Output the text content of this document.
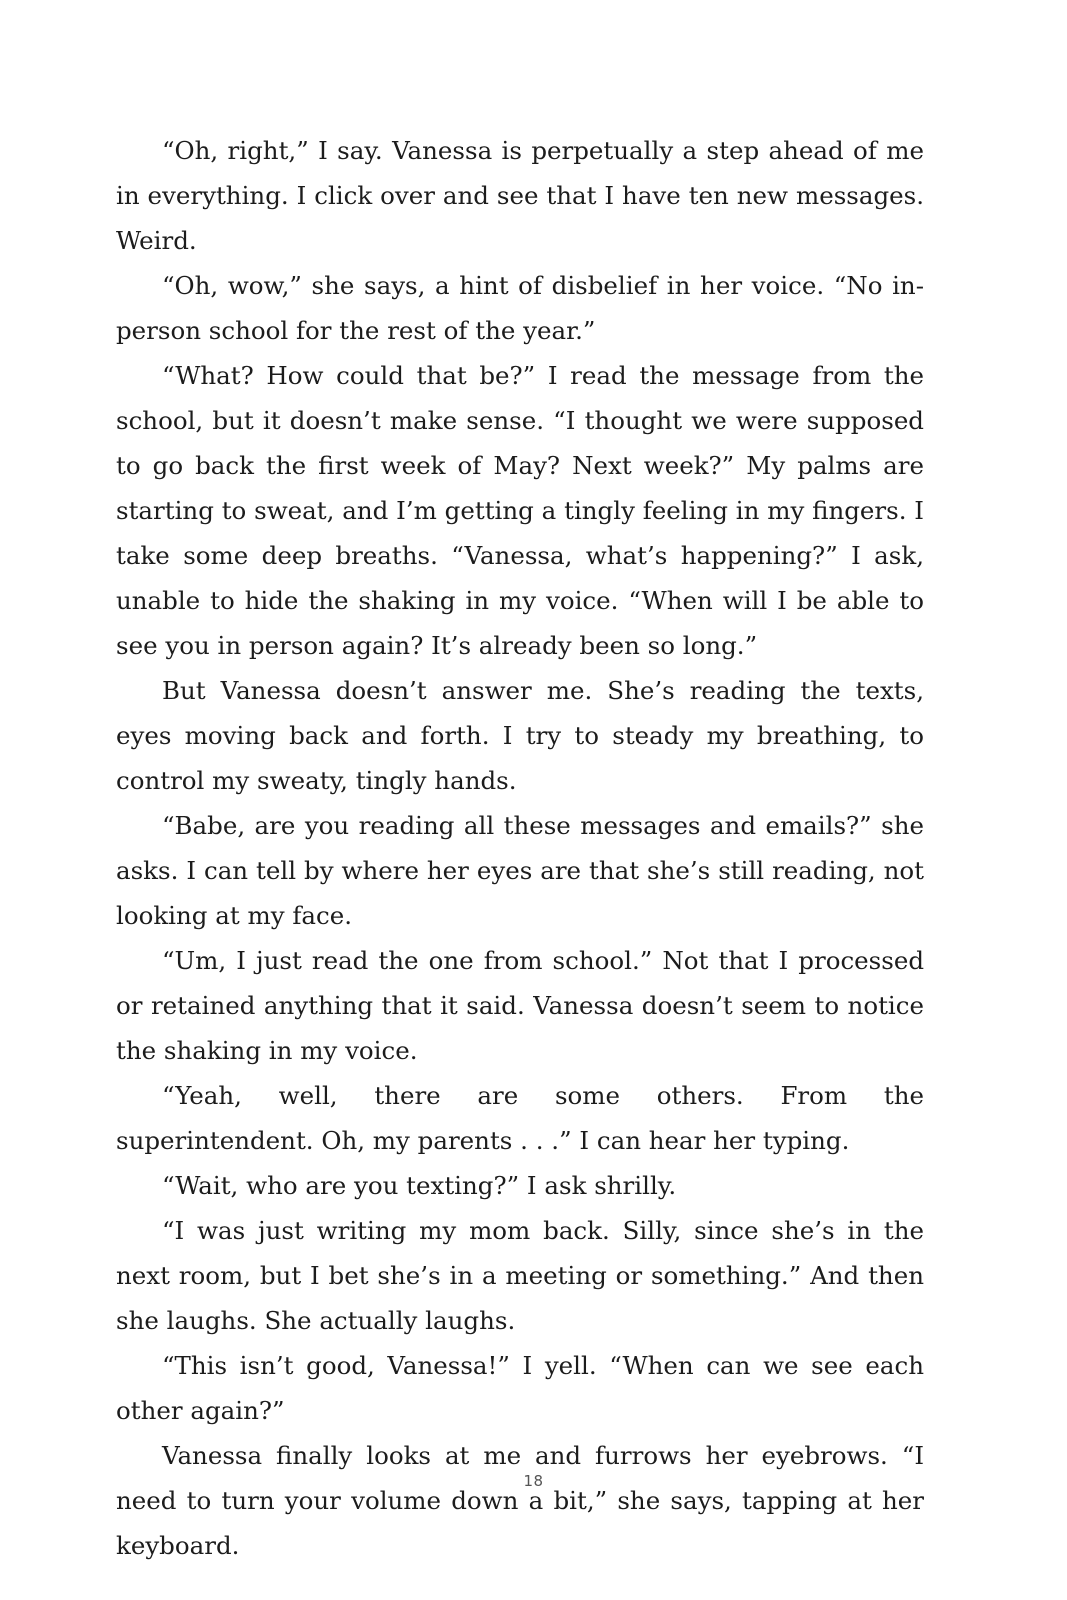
“Oh, right,” I say. Vanessa is perpetually a step ahead of me in everything. I click over and see that I have ten new messages. Weird.

“Oh, wow,” she says, a hint of disbelief in her voice. “No in-person school for the rest of the year.”

“What? How could that be?” I read the message from the school, but it doesn’t make sense. “I thought we were supposed to go back the first week of May? Next week?” My palms are starting to sweat, and I’m getting a tingly feeling in my fingers. I take some deep breaths. “Vanessa, what’s happening?” I ask, unable to hide the shaking in my voice. “When will I be able to see you in person again? It’s already been so long.”

But Vanessa doesn’t answer me. She’s reading the texts, eyes moving back and forth. I try to steady my breathing, to control my sweaty, tingly hands.

“Babe, are you reading all these messages and emails?” she asks. I can tell by where her eyes are that she’s still reading, not looking at my face.

“Um, I just read the one from school.” Not that I processed or retained anything that it said. Vanessa doesn’t seem to notice the shaking in my voice.

“Yeah, well, there are some others. From the superintendent. Oh, my parents . . .” I can hear her typing.

“Wait, who are you texting?” I ask shrilly.

“I was just writing my mom back. Silly, since she’s in the next room, but I bet she’s in a meeting or something.” And then she laughs. She actually laughs.

“This isn’t good, Vanessa!” I yell. “When can we see each other again?”

Vanessa finally looks at me and furrows her eyebrows. “I need to turn your volume down a bit,” she says, tapping at her keyboard.

18
